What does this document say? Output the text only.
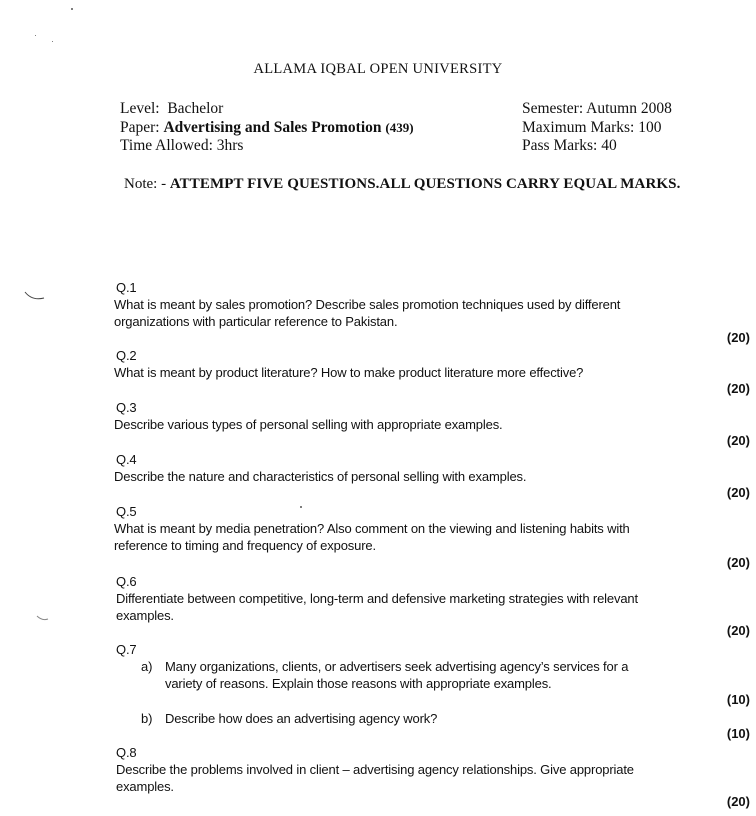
ALLAMA IQBAL OPEN UNIVERSITY
Level: Bachelor
Paper: Advertising and Sales Promotion (439)
Time Allowed: 3hrs
Semester: Autumn 2008
Maximum Marks: 100
Pass Marks: 40
Note: - ATTEMPT FIVE QUESTIONS.ALL QUESTIONS CARRY EQUAL MARKS.
Q.1
What is meant by sales promotion? Describe sales promotion techniques used by different
organizations with particular reference to Pakistan.
(20)
Q.2
What is meant by product literature? How to make product literature more effective?
(20)
Q.3
Describe various types of personal selling with appropriate examples.
(20)
Q.4
Describe the nature and characteristics of personal selling with examples.
(20)
Q.5
What is meant by media penetration? Also comment on the viewing and listening habits with
reference to timing and frequency of exposure.
(20)
Q.6
Differentiate between competitive, long-term and defensive marketing strategies with relevant
examples.
(20)
Q.7
a) Many organizations, clients, or advertisers seek advertising agency’s services for a
variety of reasons. Explain those reasons with appropriate examples.
(10)
b) Describe how does an advertising agency work?
(10)
Q.8
Describe the problems involved in client – advertising agency relationships. Give appropriate
examples.
(20)
